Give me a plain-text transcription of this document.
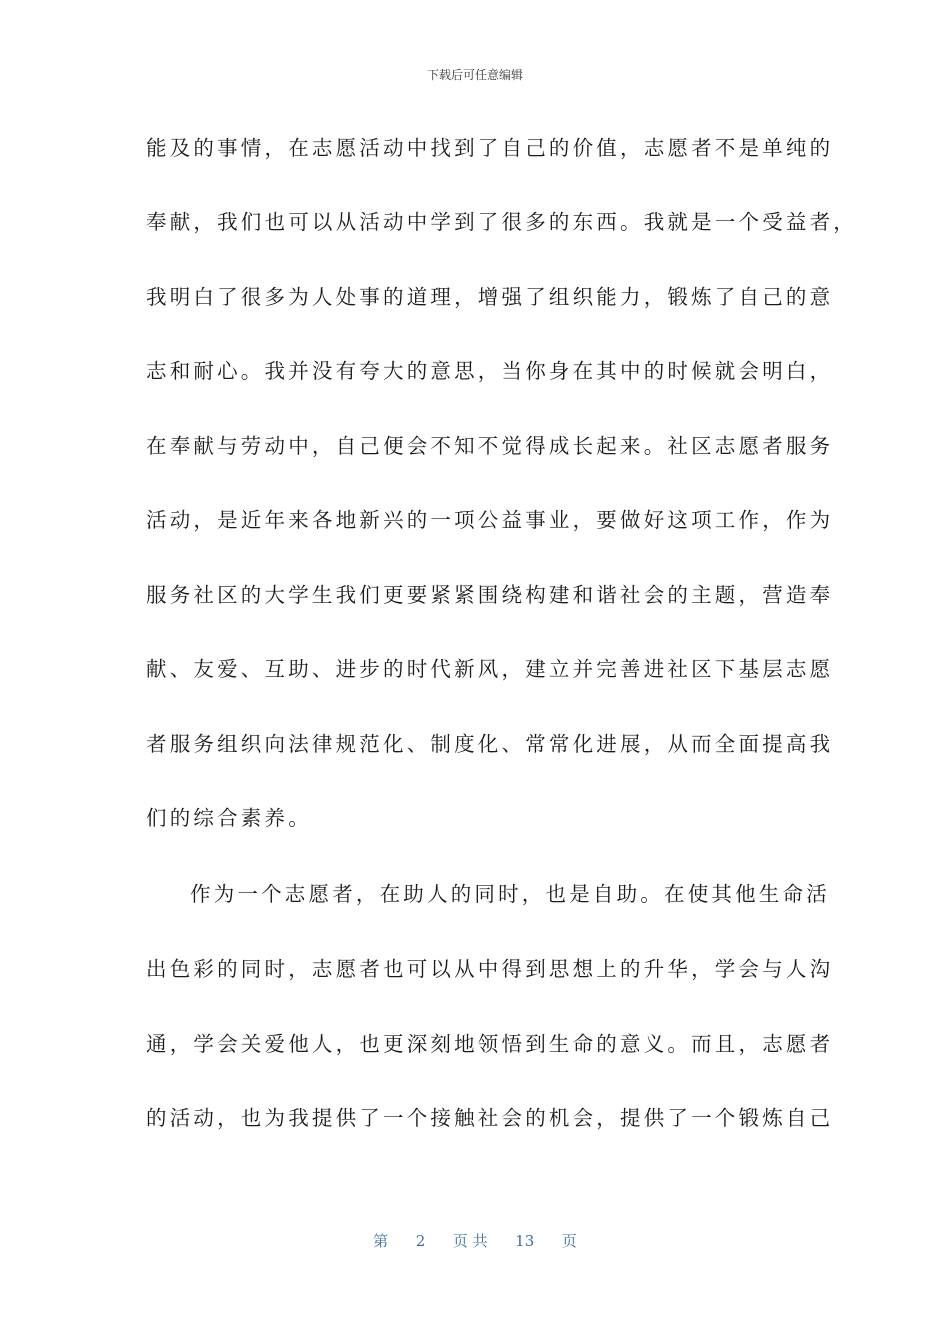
下载后可任意编辑
能及的事情，在志愿活动中找到了自己的价值，志愿者不是单纯的
奉献，我们也可以从活动中学到了很多的东西。我就是一个受益者，
我明白了很多为人处事的道理，增强了组织能力，锻炼了自己的意
志和耐心。我并没有夸大的意思，当你身在其中的时候就会明白，
在奉献与劳动中，自己便会不知不觉得成长起来。社区志愿者服务
活动，是近年来各地新兴的一项公益事业，要做好这项工作，作为
服务社区的大学生我们更要紧紧围绕构建和谐社会的主题，营造奉
献、友爱、互助、进步的时代新风，建立并完善进社区下基层志愿
者服务组织向法律规范化、制度化、常常化进展，从而全面提高我
们的综合素养。
作为一个志愿者，在助人的同时，也是自助。在使其他生命活
出色彩的同时，志愿者也可以从中得到思想上的升华，学会与人沟
通，学会关爱他人，也更深刻地领悟到生命的意义。而且，志愿者
的活动，也为我提供了一个接触社会的机会，提供了一个锻炼自己
第 2 页 共 13 页
